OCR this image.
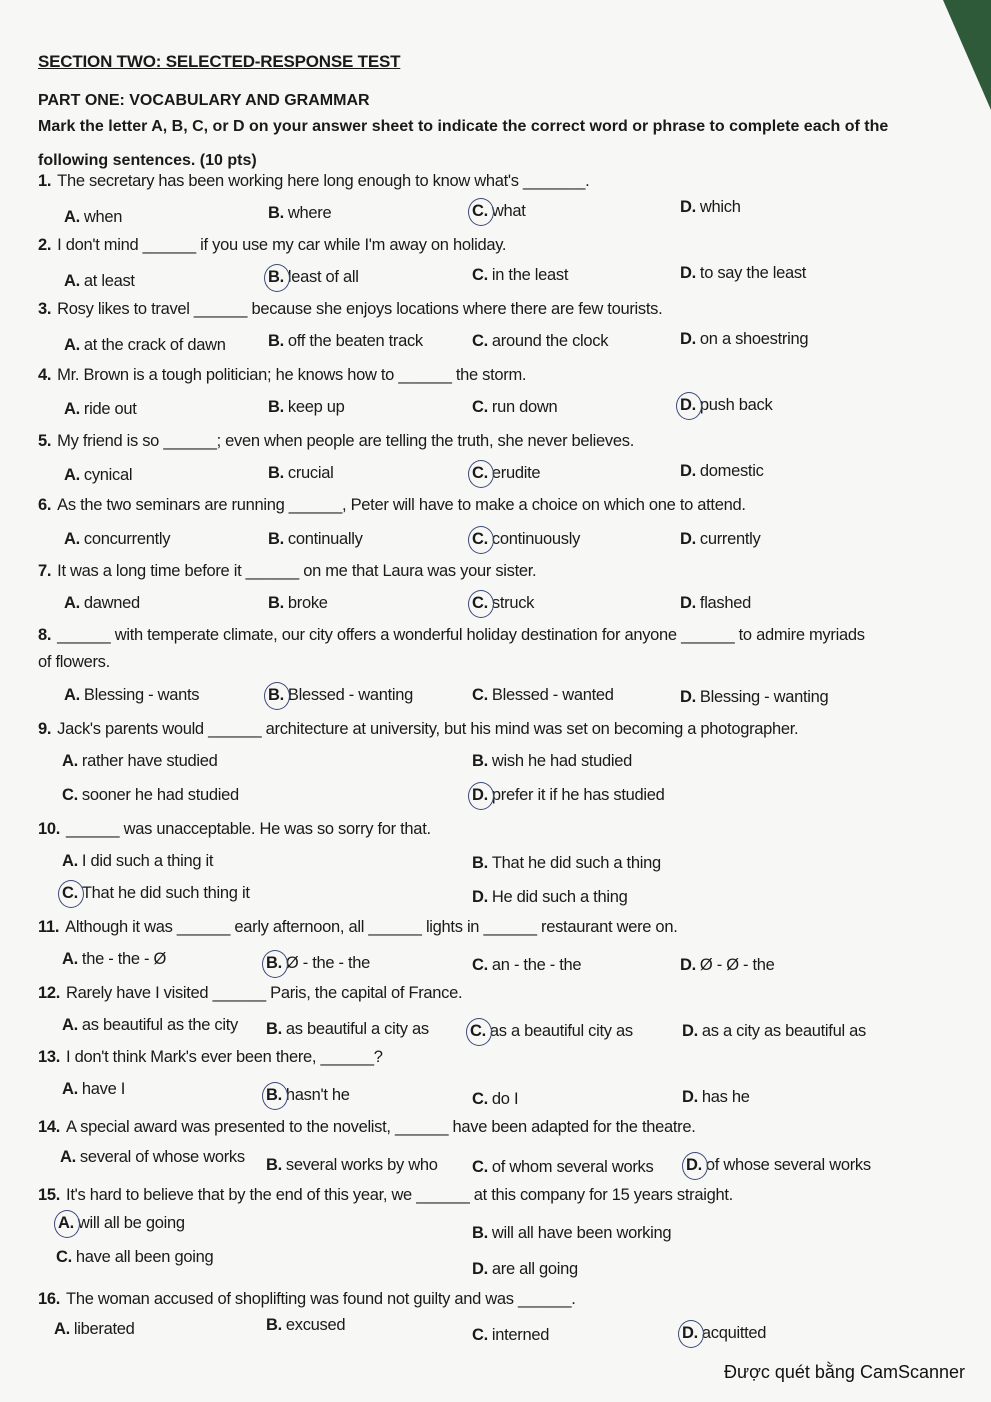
SECTION TWO: SELECTED-RESPONSE TEST
PART ONE: VOCABULARY AND GRAMMAR
Mark the letter A, B, C, or D on your answer sheet to indicate the correct word or phrase to complete each of the following sentences. (10 pts)
1. The secretary has been working here long enough to know what's _______.
A. when	B. where	C. what	D. which
2. I don't mind ______ if you use my car while I'm away on holiday.
A. at least	B. least of all	C. in the least	D. to say the least
3. Rosy likes to travel ______ because she enjoys locations where there are few tourists.
A. at the crack of dawn	B. off the beaten track	C. around the clock	D. on a shoestring
4. Mr. Brown is a tough politician; he knows how to ______ the storm.
A. ride out	B. keep up	C. run down	D. push back
5. My friend is so ______; even when people are telling the truth, she never believes.
A. cynical	B. crucial	C. erudite	D. domestic
6. As the two seminars are running ______, Peter will have to make a choice on which one to attend.
A. concurrently	B. continually	C. continuously	D. currently
7. It was a long time before it ______ on me that Laura was your sister.
A. dawned	B. broke	C. struck	D. flashed
8. ______ with temperate climate, our city offers a wonderful holiday destination for anyone ______ to admire myriads
of flowers.
A. Blessing - wants	B. Blessed - wanting	C. Blessed - wanted	D. Blessing - wanting
9. Jack's parents would ______ architecture at university, but his mind was set on becoming a photographer.
A. rather have studied	B. wish he had studied
C. sooner he had studied	D. prefer it if he has studied
10. ______ was unacceptable. He was so sorry for that.
A. I did such a thing it	B. That he did such a thing
C. That he did such thing it	D. He did such a thing
11. Although it was ______ early afternoon, all ______ lights in ______ restaurant were on.
A. the - the - Ø	B. Ø - the - the	C. an - the - the	D. Ø - Ø - the
12. Rarely have I visited ______ Paris, the capital of France.
A. as beautiful as the city B. as beautiful a city as C. as a beautiful city as	D. as a city as beautiful as
13. I don't think Mark's ever been there, ______?
A. have I	B. hasn't he	C. do I	D. has he
14. A special award was presented to the novelist, ______ have been adapted for the theatre.
A. several of whose works B. several works by who C. of whom several works D. of whose several works
15. It's hard to believe that by the end of this year, we ______ at this company for 15 years straight.
A. will all be going
B. will all have been working
C. have all been going
D. are all going
16. The woman accused of shoplifting was found not guilty and was ______.
A. liberated	B. excused
C. interned	D. acquitted
Được quét bằng CamScanner
